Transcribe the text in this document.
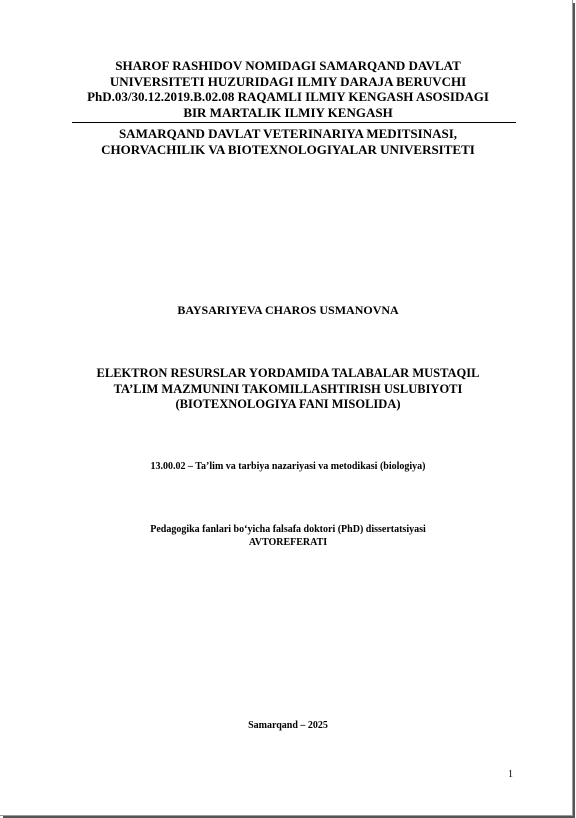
SHAROF RASHIDOV NOMIDAGI SAMARQAND DAVLAT
UNIVERSITETI HUZURIDAGI ILMIY DARAJA BERUVCHI
PhD.03/30.12.2019.B.02.08 RAQAMLI ILMIY KENGASH ASOSIDAGI
BIR MARTALIK ILMIY KENGASH
SAMARQAND DAVLAT VETERINARIYA MEDITSINASI,
CHORVACHILIK VA BIOTEXNOLOGIYALAR UNIVERSITETI
BAYSARIYEVA CHAROS USMANOVNA
ELEKTRON RESURSLAR YORDAMIDA TALABALAR MUSTAQIL
TA’LIM MAZMUNINI TAKOMILLASHTIRISH USLUBIYOTI
(BIOTEXNOLOGIYA FANI MISOLIDA)
13.00.02 – Ta’lim va tarbiya nazariyasi va metodikasi (biologiya)
Pedagogika fanlari bo‘yicha falsafa doktori (PhD) dissertatsiyasi
AVTOREFERATI
Samarqand – 2025
1
